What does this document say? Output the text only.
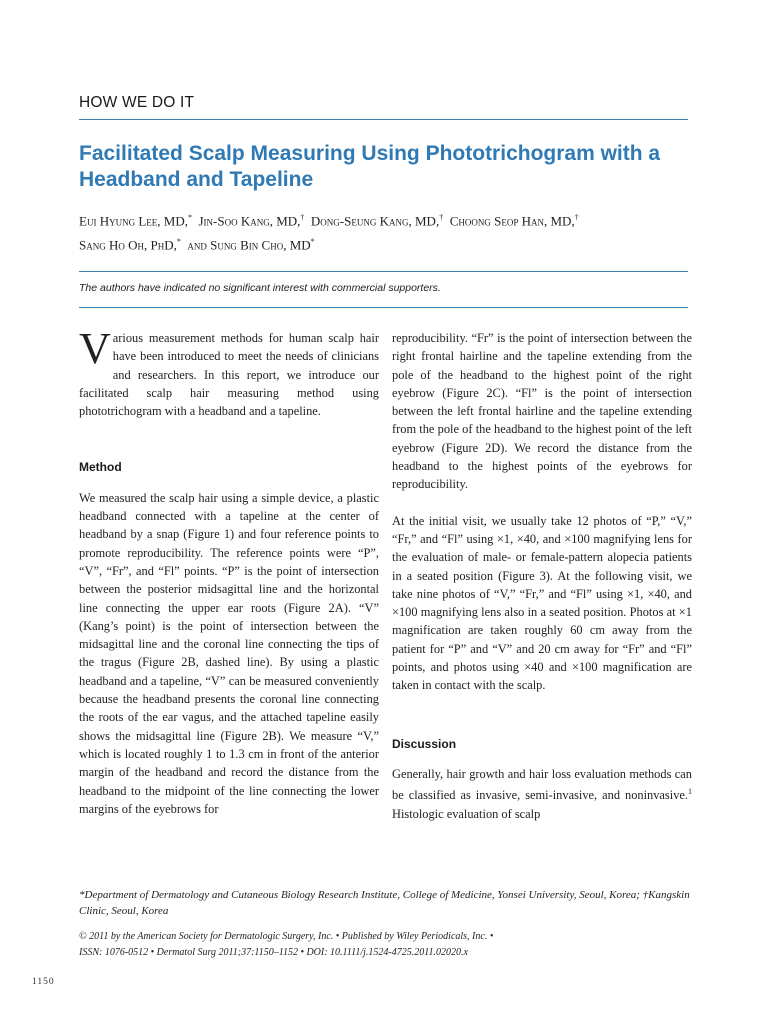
HOW WE DO IT
Facilitated Scalp Measuring Using Phototrichogram with a
Headband and Tapeline
Eui Hyung Lee, MD,* Jin-Soo Kang, MD,† Dong-Seung Kang, MD,† Choong Seop Han, MD,†
Sang Ho Oh, PhD,* and Sung Bin Cho, MD*
The authors have indicated no significant interest with commercial supporters.

Various measurement methods for human scalp hair have been introduced to meet the needs of clinicians and researchers. In this report, we introduce our facilitated scalp hair measuring method using phototrichogram with a headband and a tapeline.

Method

We measured the scalp hair using a simple device, a plastic headband connected with a tapeline at the center of headband by a snap (Figure 1) and four reference points to promote reproducibility. The reference points were “P”, “V”, “Fr”, and “Fl” points. “P” is the point of intersection between the posterior midsagittal line and the horizontal line connecting the upper ear roots (Figure 2A). “V” (Kang’s point) is the point of intersection between the midsagittal line and the coronal line connecting the tips of the tragus (Figure 2B, dashed line). By using a plastic headband and a tapeline, “V” can be measured conveniently because the headband presents the coronal line connecting the roots of the ear vagus, and the attached tapeline easily shows the midsagittal line (Figure 2B). We measure “V,” which is located roughly 1 to 1.3 cm in front of the anterior margin of the headband and record the distance from the headband to the midpoint of the line connecting the lower margins of the eyebrows for

reproducibility. “Fr” is the point of intersection between the right frontal hairline and the tapeline extending from the pole of the headband to the highest point of the right eyebrow (Figure 2C). “Fl” is the point of intersection between the left frontal hairline and the tapeline extending from the pole of the headband to the highest point of the left eyebrow (Figure 2D). We record the distance from the headband to the highest points of the eyebrows for reproducibility.

At the initial visit, we usually take 12 photos of “P,” “V,” “Fr,” and “Fl” using ×1, ×40, and ×100 magnifying lens for the evaluation of male- or female-pattern alopecia patients in a seated position (Figure 3). At the following visit, we take nine photos of “V,” “Fr,” and “Fl” using ×1, ×40, and ×100 magnifying lens also in a seated position. Photos at ×1 magnification are taken roughly 60 cm away from the patient for “P” and “V” and 20 cm away for “Fr” and “Fl” points, and photos using ×40 and ×100 magnification are taken in contact with the scalp.

Discussion

Generally, hair growth and hair loss evaluation methods can be classified as invasive, semi-invasive, and noninvasive.$^1$ Histologic evaluation of scalp

*Department of Dermatology and Cutaneous Biology Research Institute, College of Medicine, Yonsei University, Seoul, Korea; †Kangskin Clinic, Seoul, Korea
© 2011 by the American Society for Dermatologic Surgery, Inc. • Published by Wiley Periodicals, Inc. •
ISSN: 1076-0512 • Dermatol Surg 2011;37:1150–1152 • DOI: 10.1111/j.1524-4725.2011.02020.x
1150
